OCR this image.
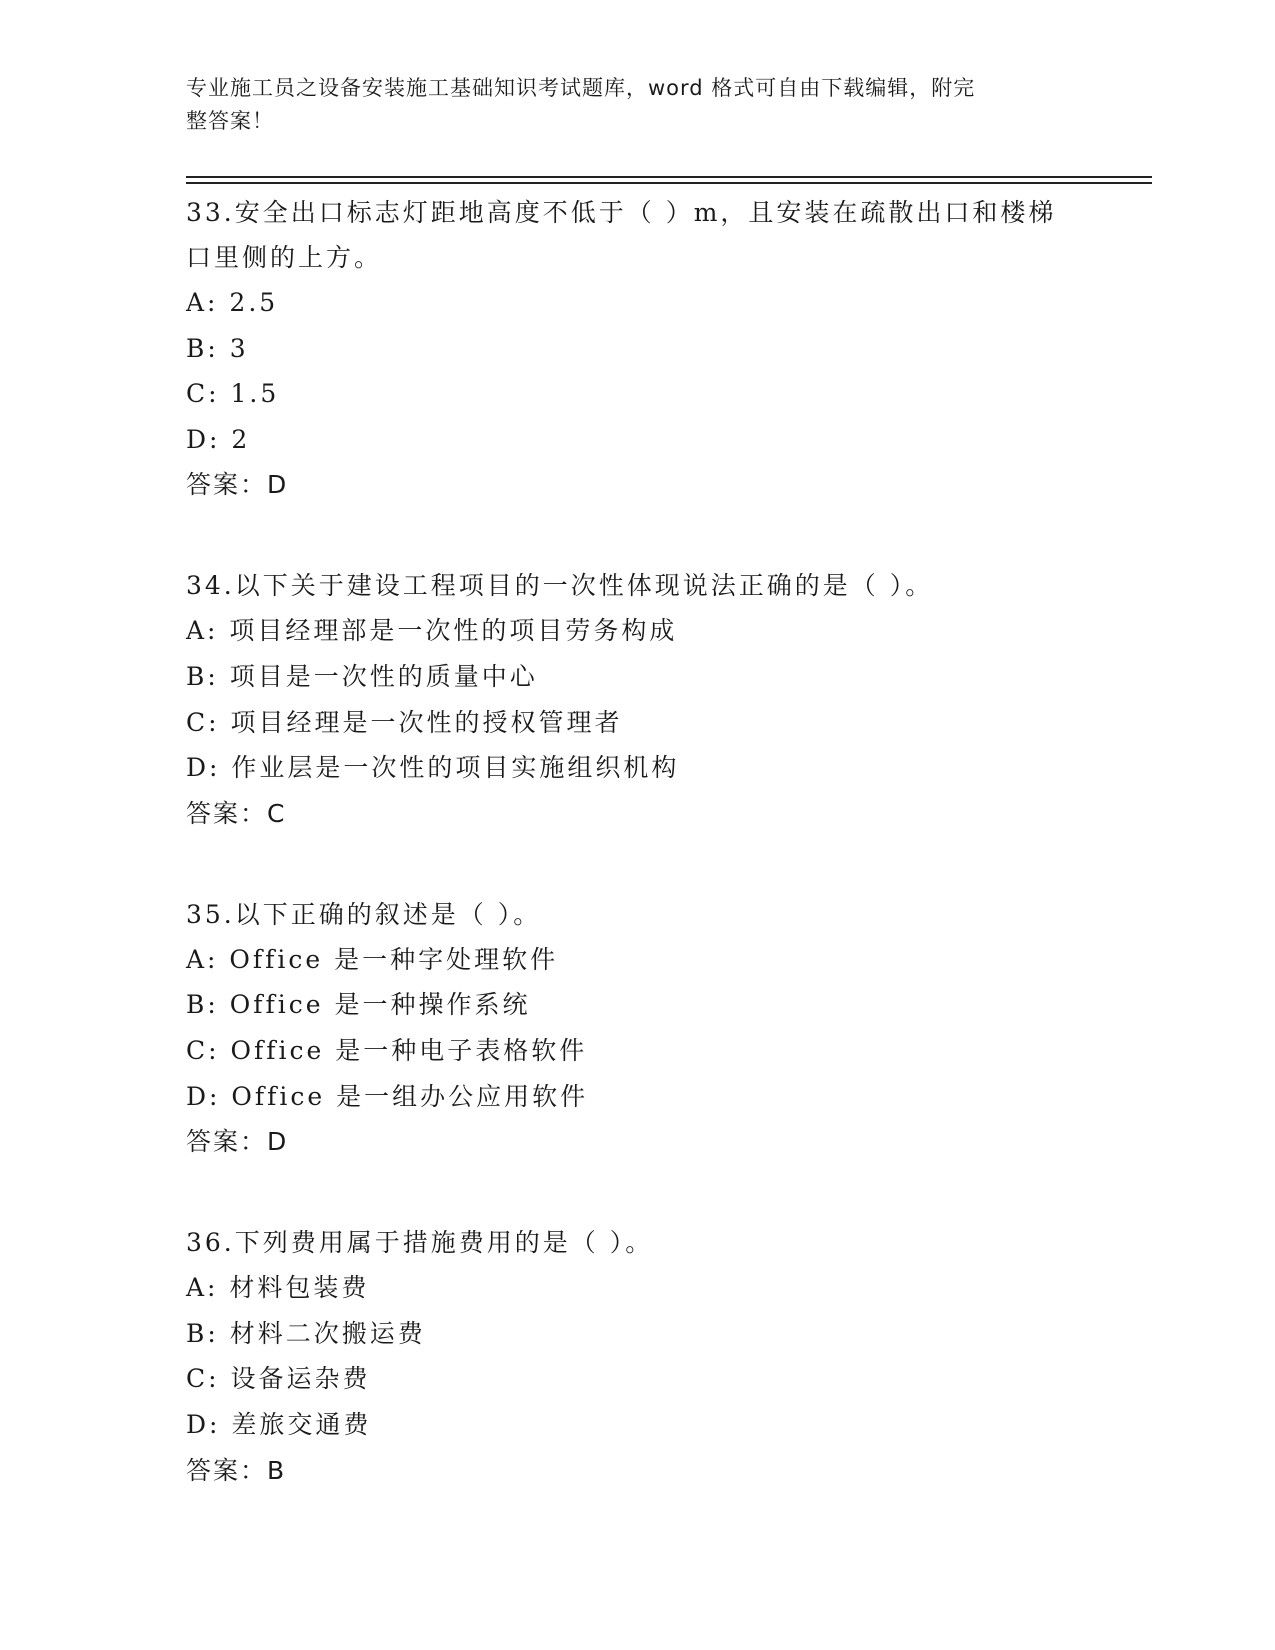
专业施工员之设备安装施工基础知识考试题库，word 格式可自由下载编辑，附完
整答案！
33.安全出口标志灯距地高度不低于（ ）m，且安装在疏散出口和楼梯
口里侧的上方。
A: 2.5
B: 3
C: 1.5
D: 2
答案：D
34.以下关于建设工程项目的一次性体现说法正确的是（ ）。
A: 项目经理部是一次性的项目劳务构成
B: 项目是一次性的质量中心
C: 项目经理是一次性的授权管理者
D: 作业层是一次性的项目实施组织机构
答案：C
35.以下正确的叙述是（ ）。
A: Office 是一种字处理软件
B: Office 是一种操作系统
C: Office 是一种电子表格软件
D: Office 是一组办公应用软件
答案：D
36.下列费用属于措施费用的是（ ）。
A: 材料包装费
B: 材料二次搬运费
C: 设备运杂费
D: 差旅交通费
答案：B
